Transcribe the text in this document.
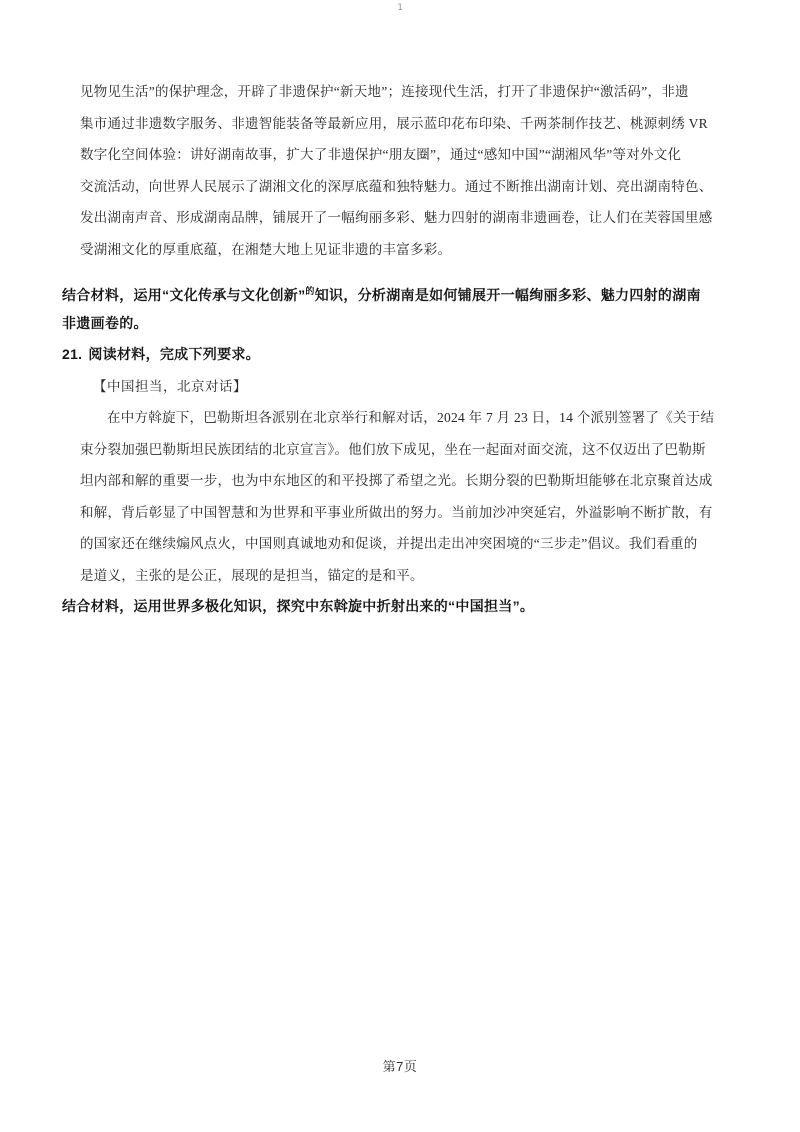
1
见物见生活”的保护理念，开辟了非遗保护“新天地”；连接现代生活，打开了非遗保护“激活码”，非遗
集市通过非遗数字服务、非遗智能装备等最新应用，展示蓝印花布印染、千两茶制作技艺、桃源刺绣 VR
数字化空间体验：讲好湖南故事，扩大了非遗保护“朋友圈”，通过“感知中国”“湖湘风华”等对外文化
交流活动，向世界人民展示了湖湘文化的深厚底蕴和独特魅力。通过不断推出湖南计划、亮出湖南特色、
发出湖南声音、形成湖南品牌，铺展开了一幅绚丽多彩、魅力四射的湖南非遗画卷，让人们在芙蓉国里感
受湖湘文化的厚重底蕴，在湘楚大地上见证非遗的丰富多彩。
结合材料，运用“文化传承与文化创新”$^的$知识，分析湖南是如何铺展开一幅绚丽多彩、魅力四射的湖南
非遗画卷的。
21. 阅读材料，完成下列要求。
【中国担当，北京对话】
在中方斡旋下，巴勒斯坦各派别在北京举行和解对话，2024 年 7 月 23 日，14 个派别签署了《关于结
束分裂加强巴勒斯坦民族团结的北京宣言》。他们放下成见，坐在一起面对面交流，这不仅迈出了巴勒斯
坦内部和解的重要一步，也为中东地区的和平投掷了希望之光。长期分裂的巴勒斯坦能够在北京聚首达成
和解，背后彰显了中国智慧和为世界和平事业所做出的努力。当前加沙冲突延宕，外溢影响不断扩散，有
的国家还在继续煽风点火，中国则真诚地劝和促谈，并提出走出冲突困境的“三步走”倡议。我们看重的
是道义，主张的是公正，展现的是担当，锚定的是和平。
结合材料，运用世界多极化知识，探究中东斡旋中折射出来的“中国担当”。
第7页
